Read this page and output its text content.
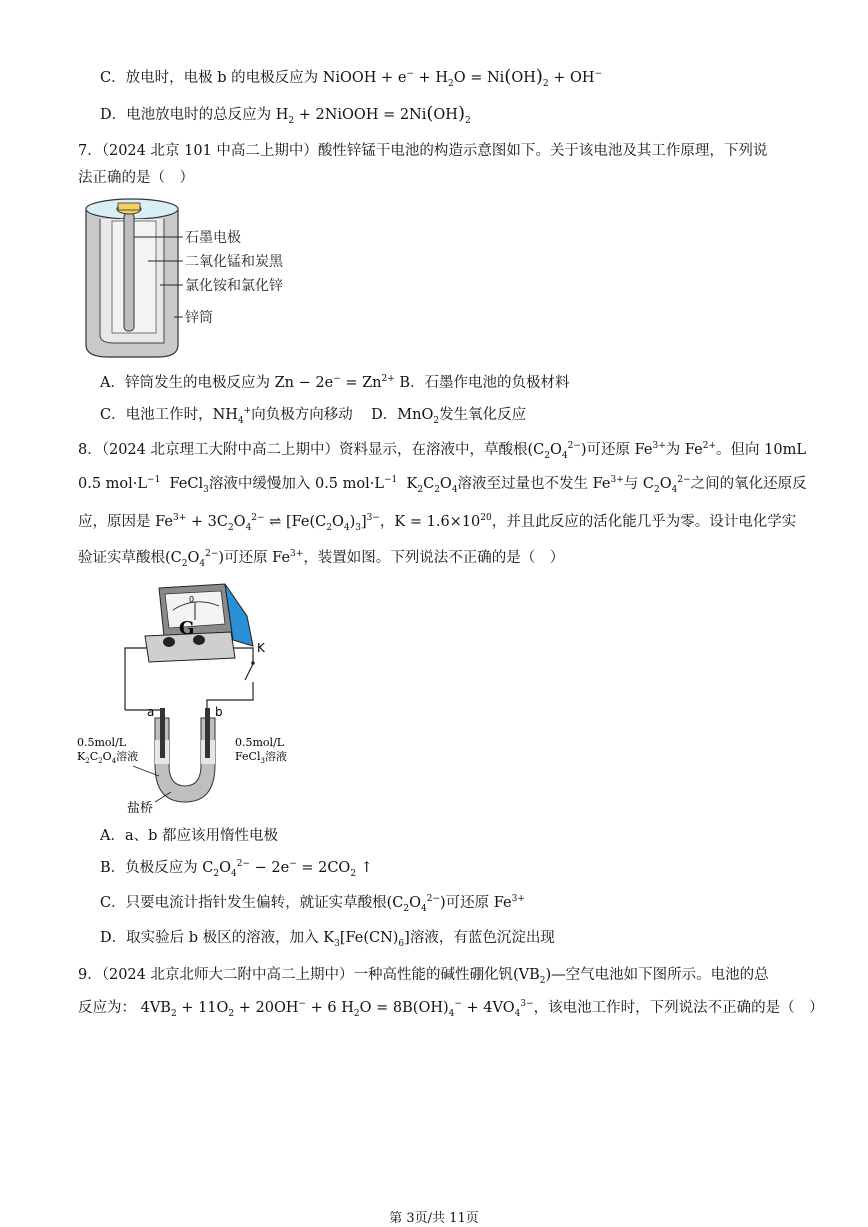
C．放电时，电极 b 的电极反应为 NiOOH + $e^- + H_2O = Ni(OH)_2 + OH^-$
D．电池放电时的总反应为 $H_2$ + 2NiOOH = $2Ni(OH)_2$
7．（2024 北京 101 中高二上期中）酸性锌锰干电池的构造示意图如下。关于该电池及其工作原理，下列说
法正确的是（　）
石墨电极
二氧化锰和炭黑
氯化铵和氯化锌
锌筒
A．锌筒发生的电极反应为 $Zn - 2e^- = Zn^{2+}$ B．石墨作电池的负极材料
C．电池工作时，$NH_4^+$向负极方向移动 D．MnO$_2$发生氧化反应
8．（2024 北京理工大附中高二上期中）资料显示，在溶液中，草酸根$(C_2O_4^{2-})$可还原 $Fe^{3+}$为 $Fe^{2+}$。但向 10mL
0.5 $mol\cdot L^{-1}$ FeCl$_3$溶液中缓慢加入 0.5 $mol\cdot L^{-1}$ $K_2C_2O_4$溶液至过量也不发生 $Fe^{3+}$与 $C_2O_4^{2-}$之间的氧化还原反
应，原因是 $Fe^{3+} + 3C_2O_4^{2-}$ ⇌ $[Fe(C_2O_4)_3]^{3-}$，$K = 1.6\times 10^{20}$，并且此反应的活化能几乎为零。设计电化学实
验证实草酸根$(C_2O_4^{2-})$可还原 $Fe^{3+}$，装置如图。下列说法不正确的是（　）
K
0
G
a	b
0.5mol/L
$K_2C_2O_4$溶液
0.5mol/L
FeCl$_3$溶液
盐桥
A．a、b 都应该用惰性电极
B．负极反应为 $C_2O_4^{2-} - 2e^- = 2CO_2$ ↑
C．只要电流计指针发生偏转，就证实草酸根$(C_2O_4^{2-})$可还原 $Fe^{3+}$
D．取实验后 b 极区的溶液，加入 $K_3[Fe(CN)_6]$溶液，有蓝色沉淀出现
9．（2024 北京北师大二附中高二上期中）一种高性能的碱性硼化钒$(VB_2)—$空气电池如下图所示。电池的总
反应为： $4VB_2 + 11O_2 + 20OH^- + 6$ $H_2O = 8B(OH)_4^- + 4VO_4^{3-}$，该电池工作时，下列说法不正确的是（　）
第 3页/共 11页
